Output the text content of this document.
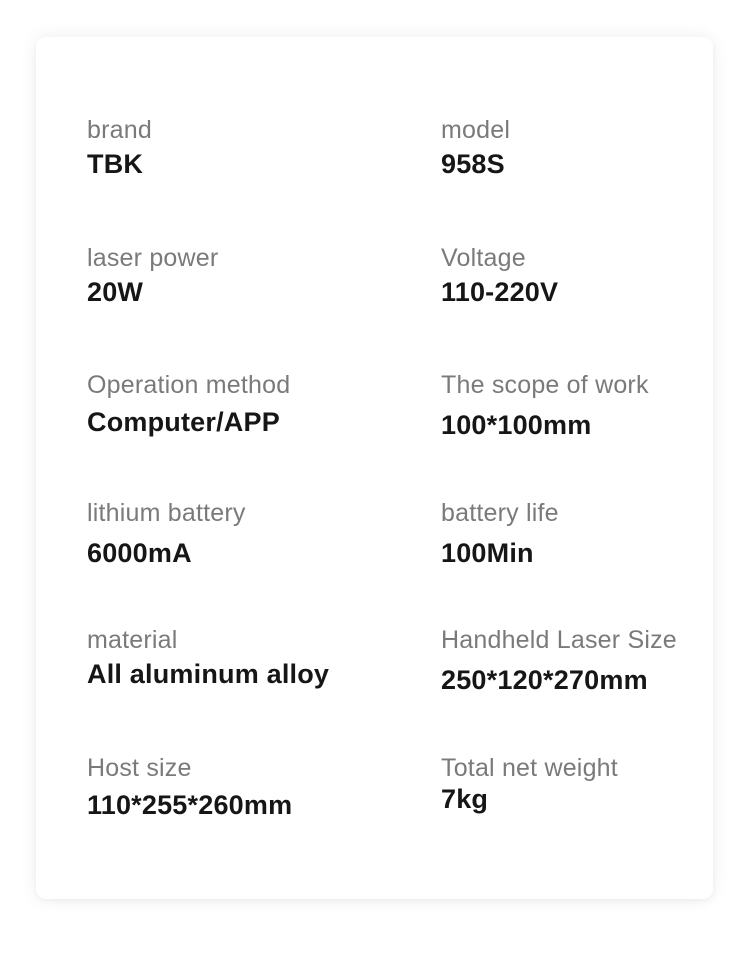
brand
TBK
model
958S
laser power
20W
Voltage
110-220V
Operation method
Computer/APP
The scope of work
100*100mm
lithium battery
6000mA
battery life
100Min
material
All aluminum alloy
Handheld Laser Size
250*120*270mm
Host size
110*255*260mm
Total net weight
7kg
